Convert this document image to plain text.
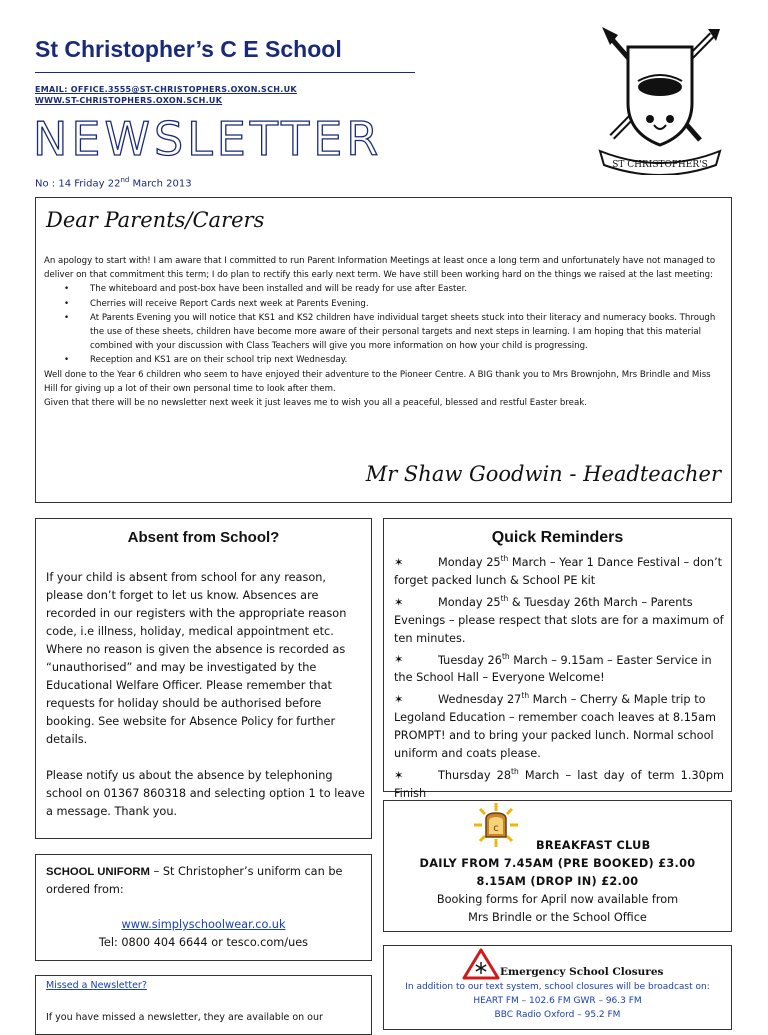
St Christopher’s C E School
EMAIL: OFFICE.3555@ST-CHRISTOPHERS.OXON.SCH.UK
WWW.ST-CHRISTOPHERS.OXON.SCH.UK
NEWSLETTER
No : 14 Friday 22nd March 2013
ST CHRISTOPHER'S
Dear Parents/Carers

An apology to start with! I am aware that I committed to run Parent Information Meetings at least once a long term and unfortunately have not managed to deliver on that commitment this term; I do plan to rectify this early next term. We have still been working hard on the things we raised at the last meeting:

• The whiteboard and post-box have been installed and will be ready for use after Easter.
• Cherries will receive Report Cards next week at Parents Evening.
• At Parents Evening you will notice that KS1 and KS2 children have individual target sheets stuck into their literacy and numeracy books. Through the use of these sheets, children have become more aware of their personal targets and next steps in learning. I am hoping that this material combined with your discussion with Class Teachers will give you more information on how your child is progressing.
• Reception and KS1 are on their school trip next Wednesday.

Well done to the Year 6 children who seem to have enjoyed their adventure to the Pioneer Centre. A BIG thank you to Mrs Brownjohn, Mrs Brindle and Miss Hill for giving up a lot of their own personal time to look after them.

Given that there will be no newsletter next week it just leaves me to wish you all a peaceful, blessed and restful Easter break.

Mr Shaw Goodwin - Headteacher
Absent from School?

If your child is absent from school for any reason, please don’t forget to let us know. Absences are recorded in our registers with the appropriate reason code, i.e illness, holiday, medical appointment etc. Where no reason is given the absence is recorded as “unauthorised” and may be investigated by the Educational Welfare Officer. Please remember that requests for holiday should be authorised before booking. See website for Absence Policy for further details.

Please notify us about the absence by telephoning school on 01367 860318 and selecting option 1 to leave a message. Thank you.

Quick Reminders

✶	Monday 25th March – Year 1 Dance Festival – don’t forget packed lunch & School PE kit

✶	Monday 25th & Tuesday 26th March – Parents Evenings – please respect that slots are for a maximum of ten minutes.

✶	Tuesday 26th March – 9.15am – Easter Service in the School Hall – Everyone Welcome!

✶	Wednesday 27th March – Cherry & Maple trip to Legoland Education – remember coach leaves at 8.15am PROMPT! and to bring your packed lunch. Normal school uniform and coats please.

✶	Thursday 28th March – last day of term 1.30pm Finish

SCHOOL UNIFORM – St Christopher’s uniform can be ordered from:
www.simplyschoolwear.co.uk
Tel: 0800 404 6644 or tesco.com/ues
Missed a Newsletter?
If you have missed a newsletter, they are available on our
c
BREAKFAST CLUB
DAILY FROM 7.45AM (PRE BOOKED) £3.00
8.15AM (DROP IN) £2.00
Booking forms for April now available from
Mrs Brindle or the School Office
Emergency School Closures
In addition to our text system, school closures will be broadcast on:
HEART FM – 102.6 FM GWR – 96.3 FM
BBC Radio Oxford – 95.2 FM
